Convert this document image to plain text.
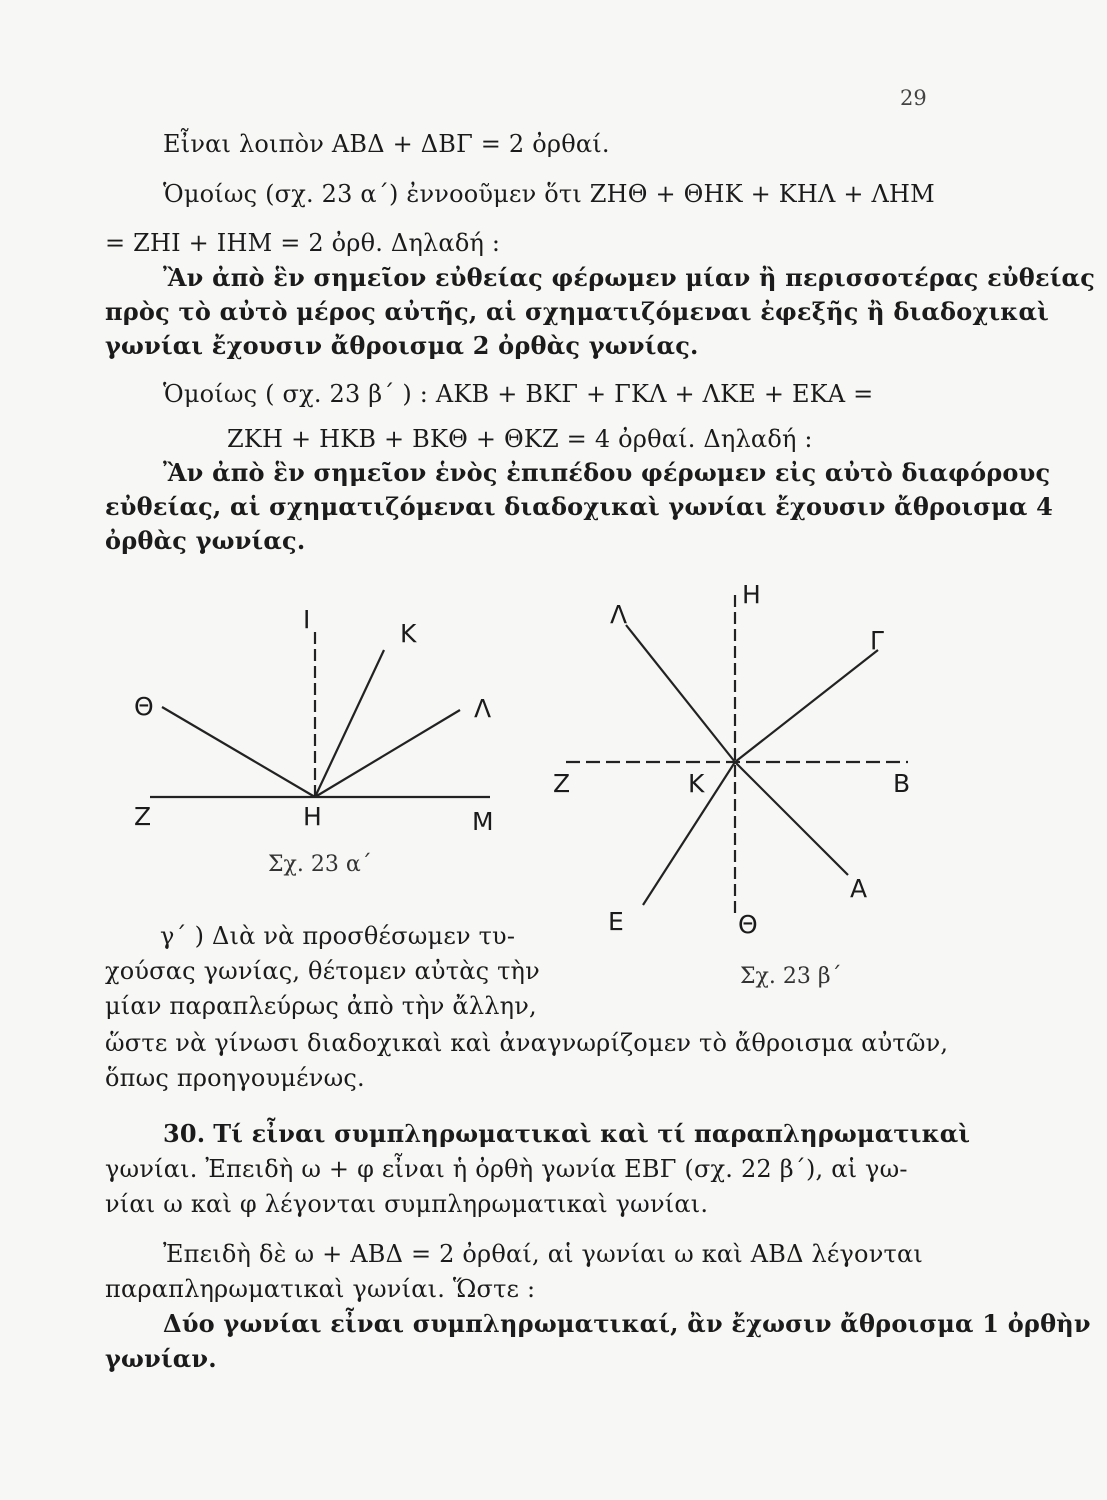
29
Εἶναι λοιπὸν ΑΒΔ + ΔΒΓ = 2 ὀρθαί.
Ὁμοίως (σχ. 23 α΄) ἐννοοῦμεν ὅτι ΖΗΘ + ΘΗΚ + ΚΗΛ + ΛΗΜ
= ΖΗΙ + ΙΗΜ = 2 ὀρθ. Δηλαδή :
Ἂν ἀπὸ ἓν σημεῖον εὐθείας φέρωμεν μίαν ἢ περισσοτέρας εὐθείας
πρὸς τὸ αὐτὸ μέρος αὐτῆς, αἱ σχηματιζόμεναι ἐφεξῆς ἢ διαδοχικαὶ
γωνίαι ἔχουσιν ἄθροισμα 2 ὀρθὰς γωνίας.
Ὁμοίως ( σχ. 23 β΄ ) : ΑΚΒ + ΒΚΓ + ΓΚΛ + ΛΚΕ + ΕΚΑ =
ΖΚΗ + ΗΚΒ + ΒΚΘ + ΘΚΖ = 4 ὀρθαί. Δηλαδή :
Ἂν ἀπὸ ἓν σημεῖον ἑνὸς ἐπιπέδου φέρωμεν εἰς αὐτὸ διαφόρους
εὐθείας, αἱ σχηματιζόμεναι διαδοχικαὶ γωνίαι ἔχουσιν ἄθροισμα 4
ὀρθὰς γωνίας.
Ι	Κ
Θ	Λ
Ζ	Η	Μ
Σχ. 23 α΄
Η
Λ
Γ
Ζ	Κ	Β
Ε	Θ
Α
Σχ. 23 β΄
γ΄ ) Διὰ νὰ προσθέσωμεν τυ-
χούσας γωνίας, θέτομεν αὐτὰς τὴν
μίαν παραπλεύρως ἀπὸ τὴν ἄλλην,
ὥστε νὰ γίνωσι διαδοχικαὶ καὶ ἀναγνωρίζομεν τὸ ἄθροισμα αὐτῶν,
ὅπως προηγουμένως.
30. Τί εἶναι συμπληρωματικαὶ καὶ τί παραπληρωματικαὶ
γωνίαι. Ἐπειδὴ ω + φ εἶναι ἡ ὀρθὴ γωνία ΕΒΓ (σχ. 22 β΄), αἱ γω-
νίαι ω καὶ φ λέγονται συμπληρωματικαὶ γωνίαι.
Ἐπειδὴ δὲ ω + ΑΒΔ = 2 ὀρθαί, αἱ γωνίαι ω καὶ ΑΒΔ λέγονται
παραπληρωματικαὶ γωνίαι. Ὥστε :
Δύο γωνίαι εἶναι συμπληρωματικαί, ἂν ἔχωσιν ἄθροισμα 1 ὀρθὴν
γωνίαν.
